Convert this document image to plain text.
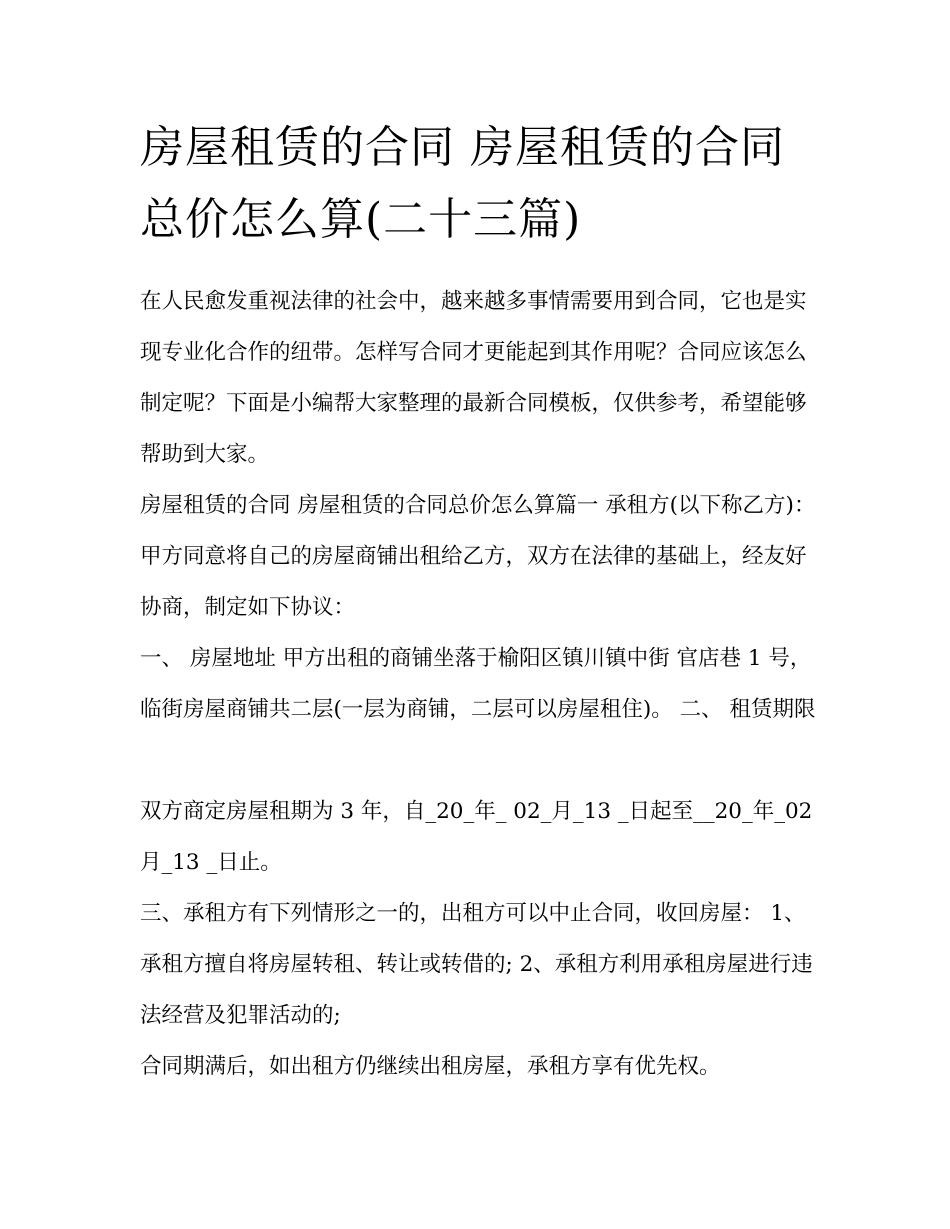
房屋租赁的合同 房屋租赁的合同总价怎么算(二十三篇)

在人民愈发重视法律的社会中，越来越多事情需要用到合同，它也是实现专业化合作的纽带。怎样写合同才更能起到其作用呢？合同应该怎么制定呢？下面是小编帮大家整理的最新合同模板，仅供参考，希望能够帮助到大家。

房屋租赁的合同 房屋租赁的合同总价怎么算篇一 承租方(以下称乙方)： 甲方同意将自己的房屋商铺出租给乙方，双方在法律的基础上，经友好协商，制定如下协议：

一、 房屋地址 甲方出租的商铺坐落于榆阳区镇川镇中街 官店巷 1 号，临街房屋商铺共二层(一层为商铺，二层可以房屋租住)。 二、 租赁期限

双方商定房屋租期为 3 年，自_20_年_ 02_月_13 _日起至__20_年_02 月_13 _日止。

三、承租方有下列情形之一的，出租方可以中止合同，收回房屋： 1、承租方擅自将房屋转租、转让或转借的; 2、承租方利用承租房屋进行违法经营及犯罪活动的;

合同期满后，如出租方仍继续出租房屋，承租方享有优先权。
